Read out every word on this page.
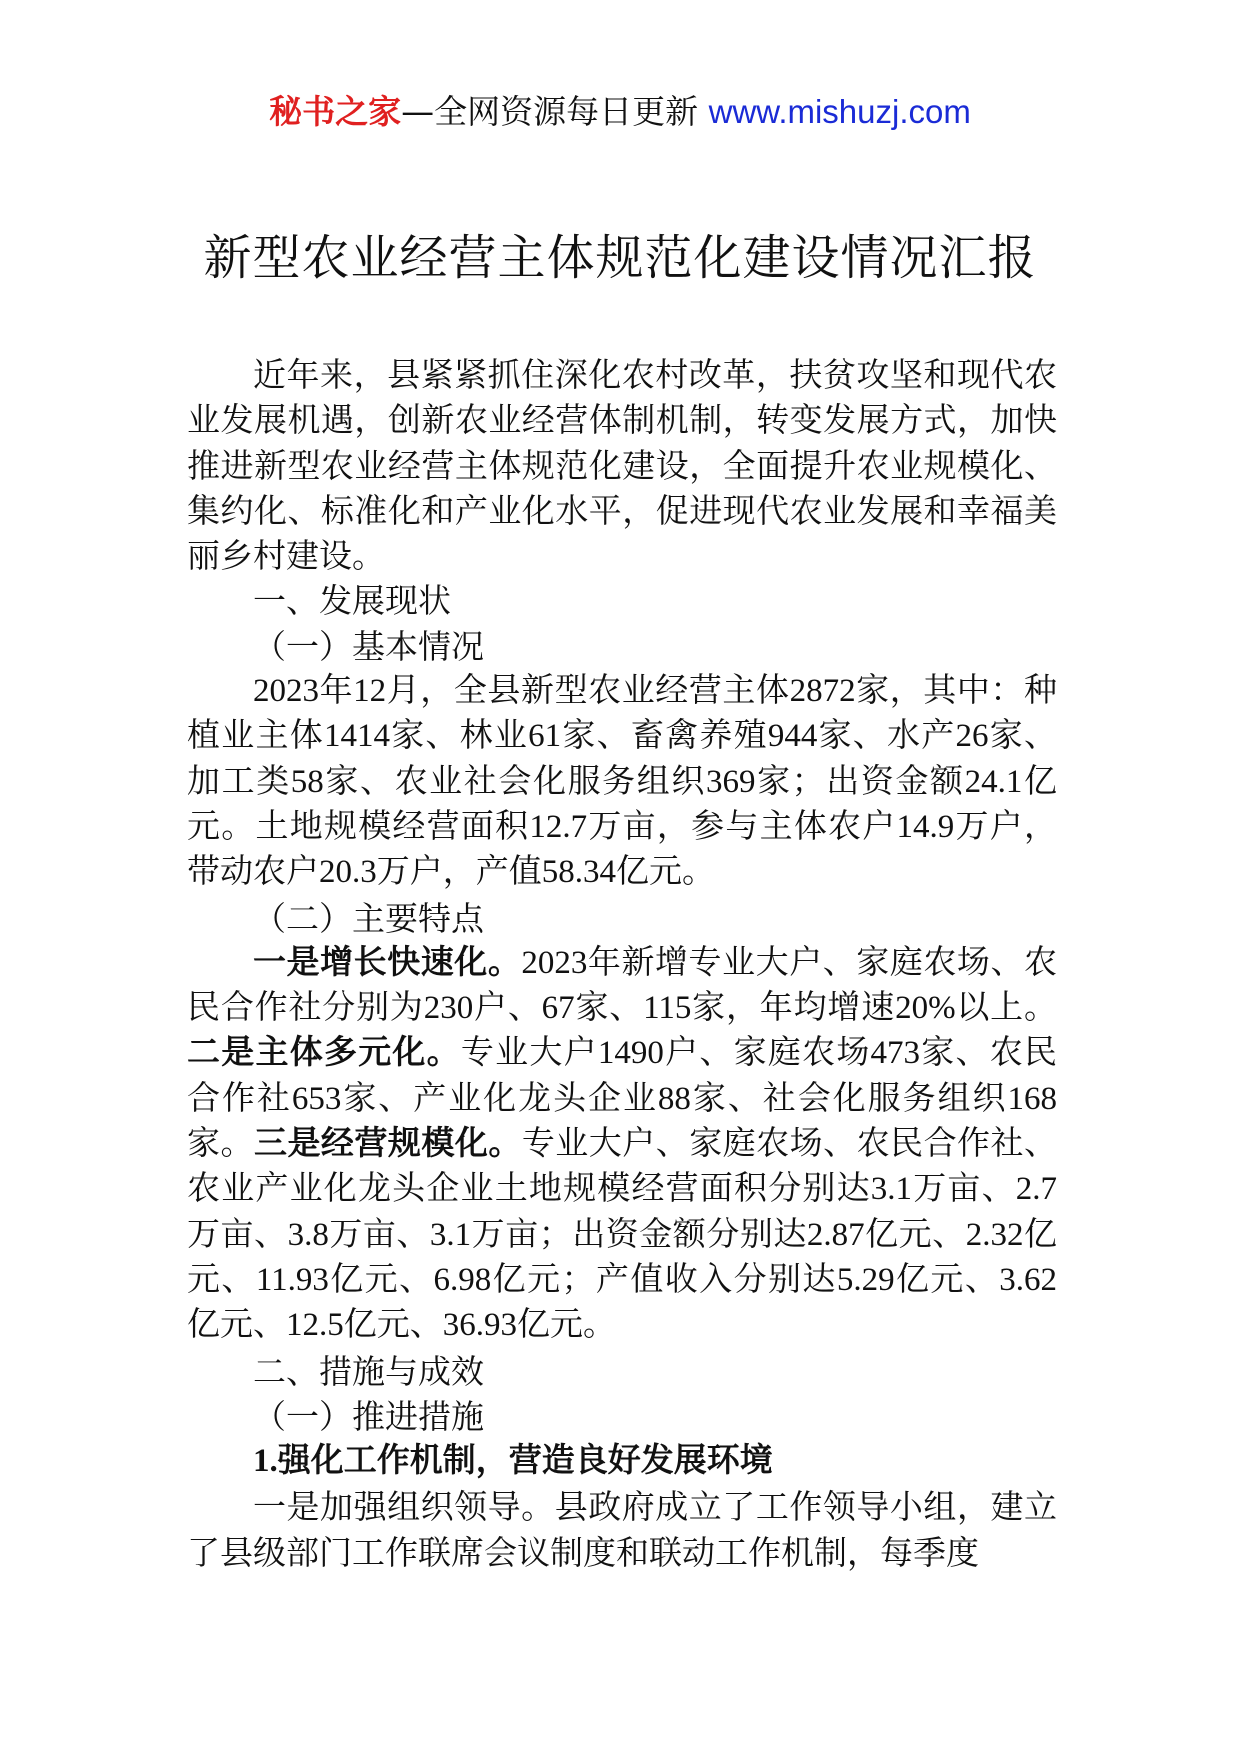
秘书之家—全网资源每日更新 www.mishuzj.com
新型农业经营主体规范化建设情况汇报

近年来，县紧紧抓住深化农村改革，扶贫攻坚和现代农业发展机遇，创新农业经营体制机制，转变发展方式，加快推进新型农业经营主体规范化建设，全面提升农业规模化、集约化、标准化和产业化水平，促进现代农业发展和幸福美丽乡村建设。

一、发展现状

（一）基本情况

2023年12月，全县新型农业经营主体2872家，其中：种植业主体1414家、林业61家、畜禽养殖944家、水产26家、加工类58家、农业社会化服务组织369家；出资金额24.1亿元。土地规模经营面积12.7万亩，参与主体农户14.9万户，带动农户20.3万户，产值58.34亿元。

（二）主要特点

一是增长快速化。2023年新增专业大户、家庭农场、农民合作社分别为230户、67家、115家，年均增速20%以上。二是主体多元化。专业大户1490户、家庭农场473家、农民合作社653家、产业化龙头企业88家、社会化服务组织168家。三是经营规模化。专业大户、家庭农场、农民合作社、农业产业化龙头企业土地规模经营面积分别达3.1万亩、2.7万亩、3.8万亩、3.1万亩；出资金额分别达2.87亿元、2.32亿元、11.93亿元、6.98亿元；产值收入分别达5.29亿元、3.62亿元、12.5亿元、36.93亿元。

二、措施与成效

（一）推进措施

1.强化工作机制，营造良好发展环境

一是加强组织领导。县政府成立了工作领导小组，建立了县级部门工作联席会议制度和联动工作机制，每季度
